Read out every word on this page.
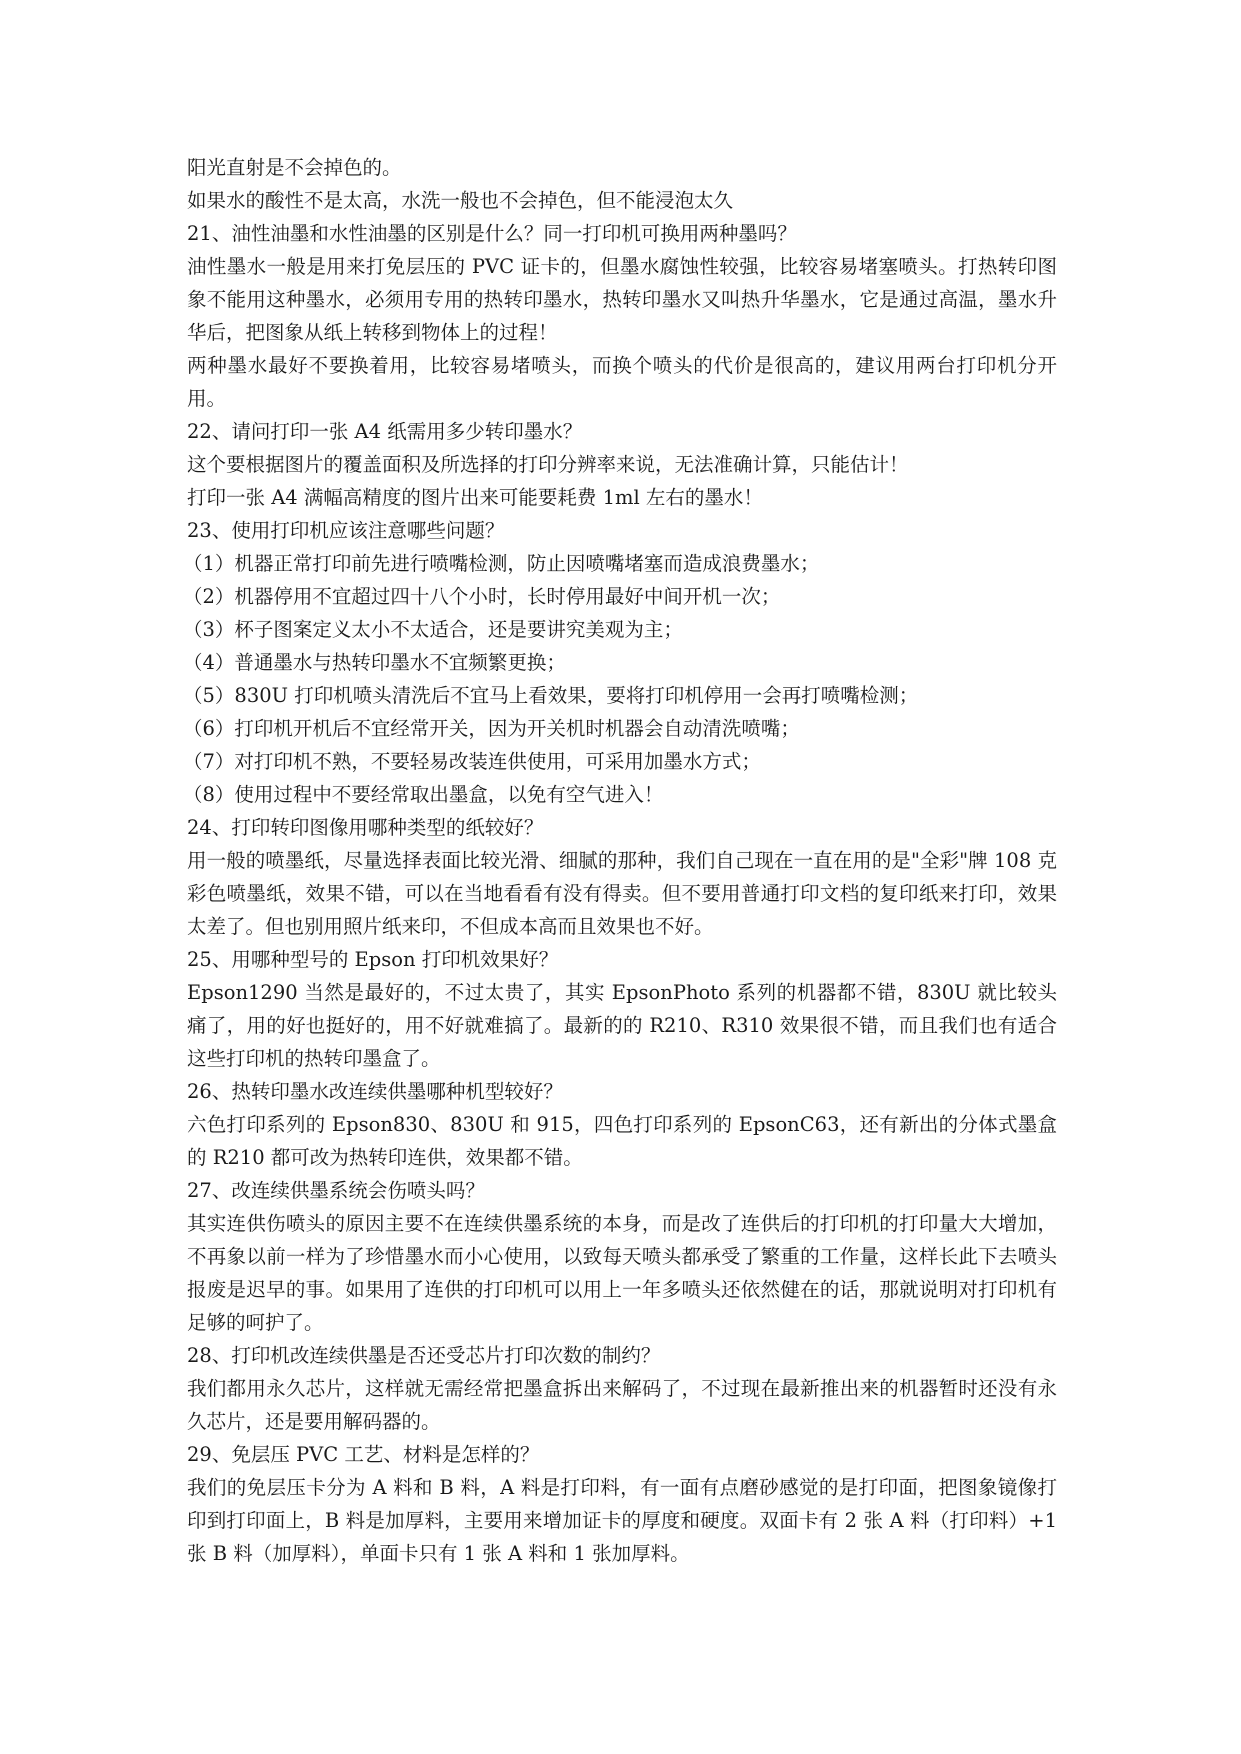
阳光直射是不会掉色的。

如果水的酸性不是太高，水洗一般也不会掉色，但不能浸泡太久

21、油性油墨和水性油墨的区别是什么？同一打印机可换用两种墨吗？

油性墨水一般是用来打免层压的 PVC 证卡的，但墨水腐蚀性较强，比较容易堵塞喷头。打热转印图象不能用这种墨水，必须用专用的热转印墨水，热转印墨水又叫热升华墨水，它是通过高温，墨水升华后，把图象从纸上转移到物体上的过程！

两种墨水最好不要换着用，比较容易堵喷头，而换个喷头的代价是很高的，建议用两台打印机分开用。

22、请问打印一张 A4 纸需用多少转印墨水？

这个要根据图片的覆盖面积及所选择的打印分辨率来说，无法准确计算，只能估计！

打印一张 A4 满幅高精度的图片出来可能要耗费 1ml 左右的墨水！

23、使用打印机应该注意哪些问题？

（1）机器正常打印前先进行喷嘴检测，防止因喷嘴堵塞而造成浪费墨水；

（2）机器停用不宜超过四十八个小时，长时停用最好中间开机一次；

（3）杯子图案定义太小不太适合，还是要讲究美观为主；

（4）普通墨水与热转印墨水不宜频繁更换；

（5）830U 打印机喷头清洗后不宜马上看效果，要将打印机停用一会再打喷嘴检测；

（6）打印机开机后不宜经常开关，因为开关机时机器会自动清洗喷嘴；

（7）对打印机不熟，不要轻易改装连供使用，可采用加墨水方式；

（8）使用过程中不要经常取出墨盒，以免有空气进入！

24、打印转印图像用哪种类型的纸较好？

用一般的喷墨纸，尽量选择表面比较光滑、细腻的那种，我们自己现在一直在用的是"全彩"牌 108 克彩色喷墨纸，效果不错，可以在当地看看有没有得卖。但不要用普通打印文档的复印纸来打印，效果太差了。但也别用照片纸来印，不但成本高而且效果也不好。

25、用哪种型号的 Epson 打印机效果好？

Epson1290 当然是最好的，不过太贵了，其实 EpsonPhoto 系列的机器都不错，830U 就比较头痛了，用的好也挺好的，用不好就难搞了。最新的的 R210、R310 效果很不错，而且我们也有适合这些打印机的热转印墨盒了。

26、热转印墨水改连续供墨哪种机型较好？

六色打印系列的 Epson830、830U 和 915，四色打印系列的 EpsonC63，还有新出的分体式墨盒的 R210 都可改为热转印连供，效果都不错。

27、改连续供墨系统会伤喷头吗？

其实连供伤喷头的原因主要不在连续供墨系统的本身，而是改了连供后的打印机的打印量大大增加，不再象以前一样为了珍惜墨水而小心使用，以致每天喷头都承受了繁重的工作量，这样长此下去喷头报废是迟早的事。如果用了连供的打印机可以用上一年多喷头还依然健在的话，那就说明对打印机有足够的呵护了。

28、打印机改连续供墨是否还受芯片打印次数的制约？

我们都用永久芯片，这样就无需经常把墨盒拆出来解码了，不过现在最新推出来的机器暂时还没有永久芯片，还是要用解码器的。

29、免层压 PVC 工艺、材料是怎样的？

我们的免层压卡分为 A 料和 B 料，A 料是打印料，有一面有点磨砂感觉的是打印面，把图象镜像打印到打印面上，B 料是加厚料，主要用来增加证卡的厚度和硬度。双面卡有 2 张 A 料（打印料）+1 张 B 料（加厚料），单面卡只有 1 张 A 料和 1 张加厚料。
